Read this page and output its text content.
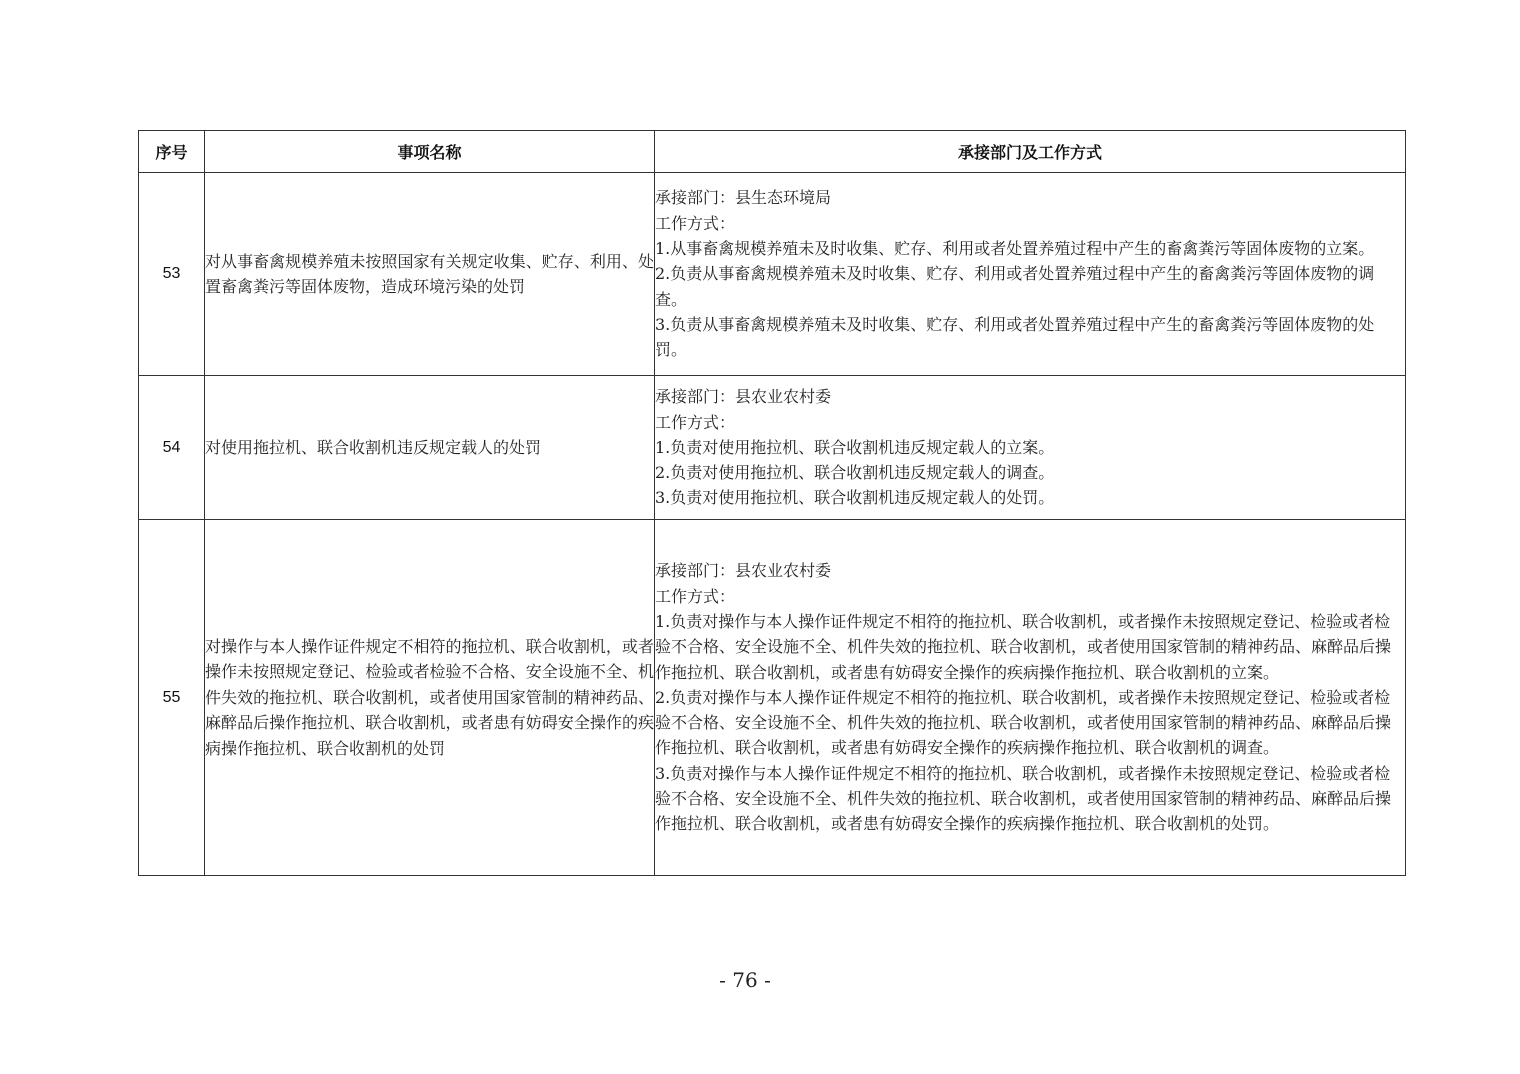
序号	事项名称	承接部门及工作方式
53	对从事畜禽规模养殖未按照国家有关规定收集、贮存、利用、处置畜禽粪污等固体废物，造成环境污染的处罚	承接部门：县生态环境局
工作方式：
1.从事畜禽规模养殖未及时收集、贮存、利用或者处置养殖过程中产生的畜禽粪污等固体废物的立案。
2.负责从事畜禽规模养殖未及时收集、贮存、利用或者处置养殖过程中产生的畜禽粪污等固体废物的调查。
3.负责从事畜禽规模养殖未及时收集、贮存、利用或者处置养殖过程中产生的畜禽粪污等固体废物的处罚。

54	对使用拖拉机、联合收割机违反规定载人的处罚	承接部门：县农业农村委
工作方式：
1.负责对使用拖拉机、联合收割机违反规定载人的立案。
2.负责对使用拖拉机、联合收割机违反规定载人的调查。
3.负责对使用拖拉机、联合收割机违反规定载人的处罚。

55	对操作与本人操作证件规定不相符的拖拉机、联合收割机，或者操作未按照规定登记、检验或者检验不合格、安全设施不全、机件失效的拖拉机、联合收割机，或者使用国家管制的精神药品、麻醉品后操作拖拉机、联合收割机，或者患有妨碍安全操作的疾病操作拖拉机、联合收割机的处罚	承接部门：县农业农村委
工作方式：
1.负责对操作与本人操作证件规定不相符的拖拉机、联合收割机，或者操作未按照规定登记、检验或者检验不合格、安全设施不全、机件失效的拖拉机、联合收割机，或者使用国家管制的精神药品、麻醉品后操作拖拉机、联合收割机，或者患有妨碍安全操作的疾病操作拖拉机、联合收割机的立案。
2.负责对操作与本人操作证件规定不相符的拖拉机、联合收割机，或者操作未按照规定登记、检验或者检验不合格、安全设施不全、机件失效的拖拉机、联合收割机，或者使用国家管制的精神药品、麻醉品后操作拖拉机、联合收割机，或者患有妨碍安全操作的疾病操作拖拉机、联合收割机的调查。
3.负责对操作与本人操作证件规定不相符的拖拉机、联合收割机，或者操作未按照规定登记、检验或者检验不合格、安全设施不全、机件失效的拖拉机、联合收割机，或者使用国家管制的精神药品、麻醉品后操作拖拉机、联合收割机，或者患有妨碍安全操作的疾病操作拖拉机、联合收割机的处罚。
- 76 -
